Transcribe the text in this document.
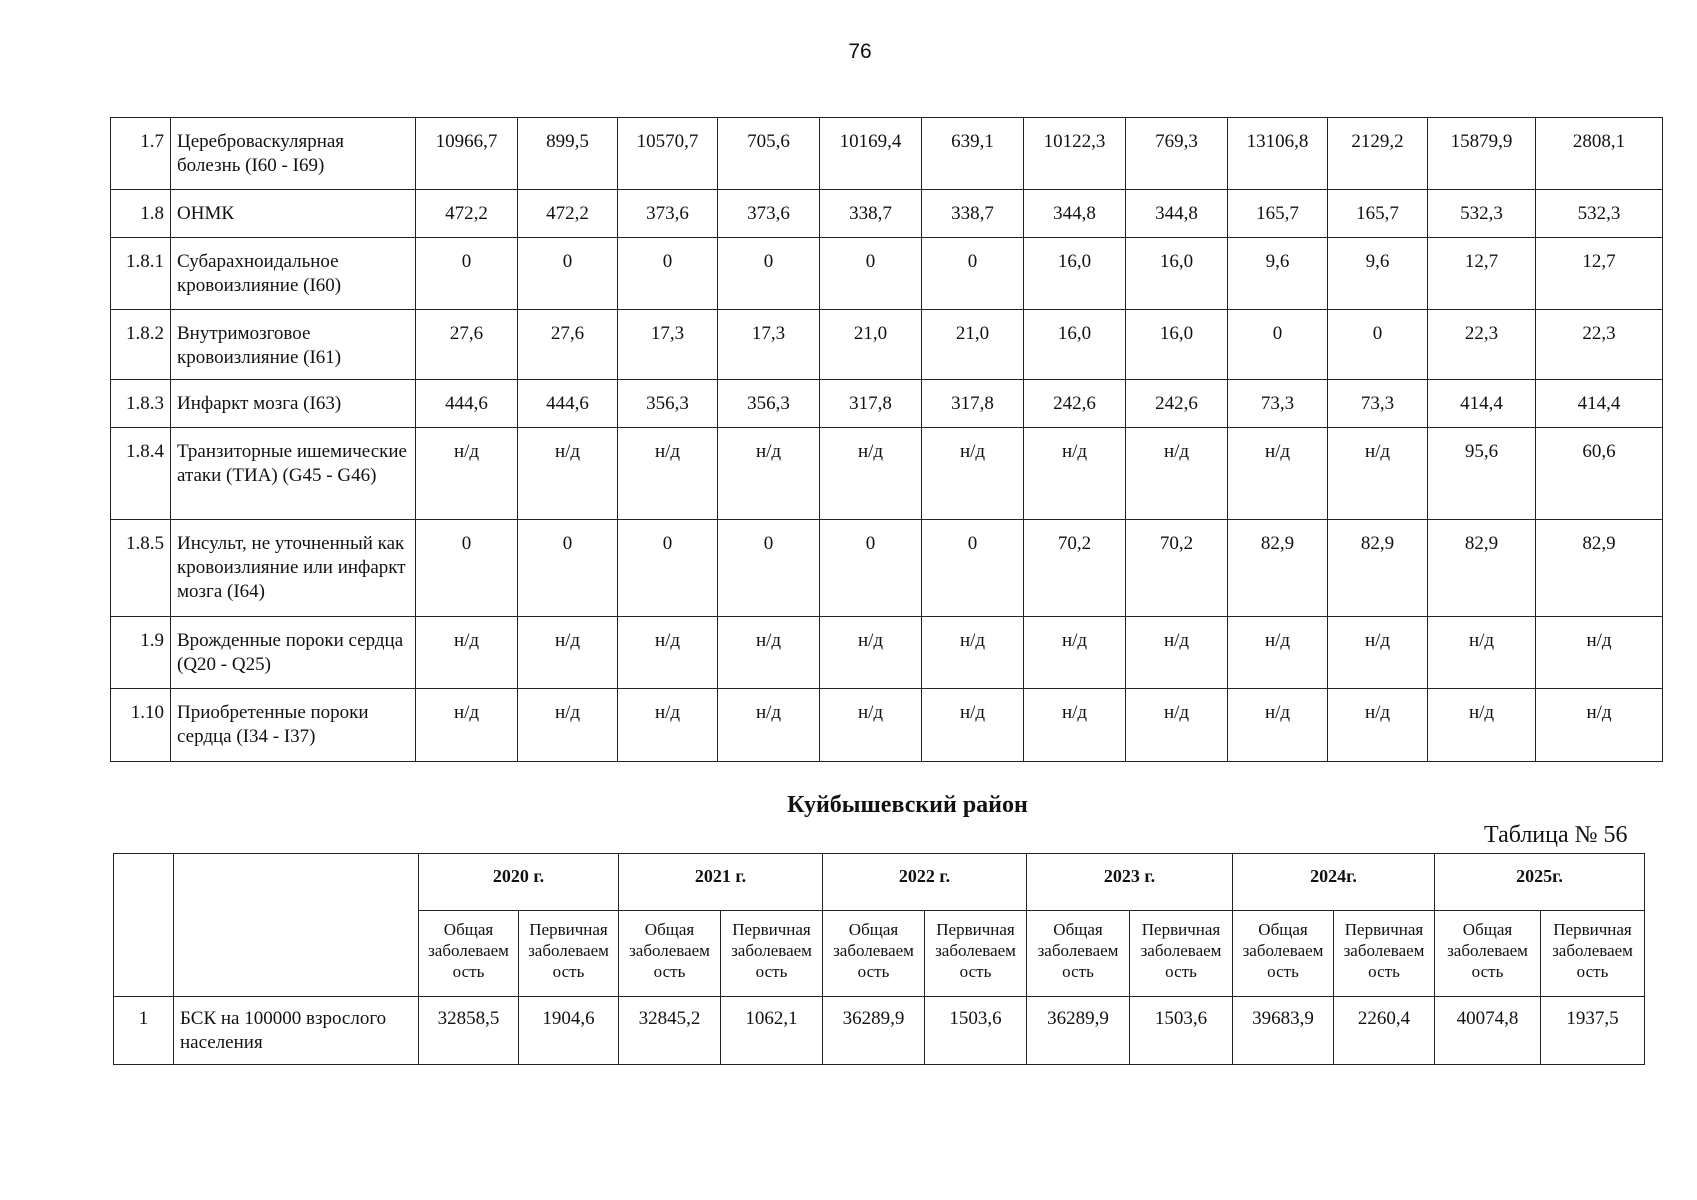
76
1.7	Цереброваскулярная болезнь (I60 - I69)	10966,7	899,5	10570,7	705,6	10169,4	639,1	10122,3	769,3	13106,8	2129,2	15879,9	2808,1
1.8	ОНМК	472,2	472,2	373,6	373,6	338,7	338,7	344,8	344,8	165,7	165,7	532,3	532,3
1.8.1	Субарахноидальное кровоизлияние (I60)	0	0	0	0	0	0	16,0	16,0	9,6	9,6	12,7	12,7
1.8.2	Внутримозговое кровоизлияние (I61)	27,6	27,6	17,3	17,3	21,0	21,0	16,0	16,0	0	0	22,3	22,3
1.8.3	Инфаркт мозга (I63)	444,6	444,6	356,3	356,3	317,8	317,8	242,6	242,6	73,3	73,3	414,4	414,4
1.8.4	Транзиторные ишемические атаки (ТИА) (G45 - G46)	н/д	н/д	н/д	н/д	н/д	н/д	н/д	н/д	н/д	н/д	95,6	60,6
1.8.5	Инсульт, не уточненный как кровоизлияние или инфаркт мозга (I64)	0	0	0	0	0	0	70,2	70,2	82,9	82,9	82,9	82,9
1.9	Врожденные пороки сердца (Q20 - Q25)	н/д	н/д	н/д	н/д	н/д	н/д	н/д	н/д	н/д	н/д	н/д	н/д
1.10	Приобретенные пороки сердца (I34 - I37)	н/д	н/д	н/д	н/д	н/д	н/д	н/д	н/д	н/д	н/д	н/д	н/д
Куйбышевский район
Таблица № 56
		2020 г.		2021 г.		2022 г.		2023 г.		2024г.		2025г.	
		Общая заболеваем ость	Первичная заболеваем ость	Общая заболеваем ость	Первичная заболеваем ость	Общая заболеваем ость	Первичная заболеваем ость	Общая заболеваем ость	Первичная заболеваем ость	Общая заболеваем ость	Первичная заболеваем ость	Общая заболеваем ость	Первичная заболеваем ость
1	БСК на 100000 взрослого населения	32858,5	1904,6	32845,2	1062,1	36289,9	1503,6	36289,9	1503,6	39683,9	2260,4	40074,8	1937,5
